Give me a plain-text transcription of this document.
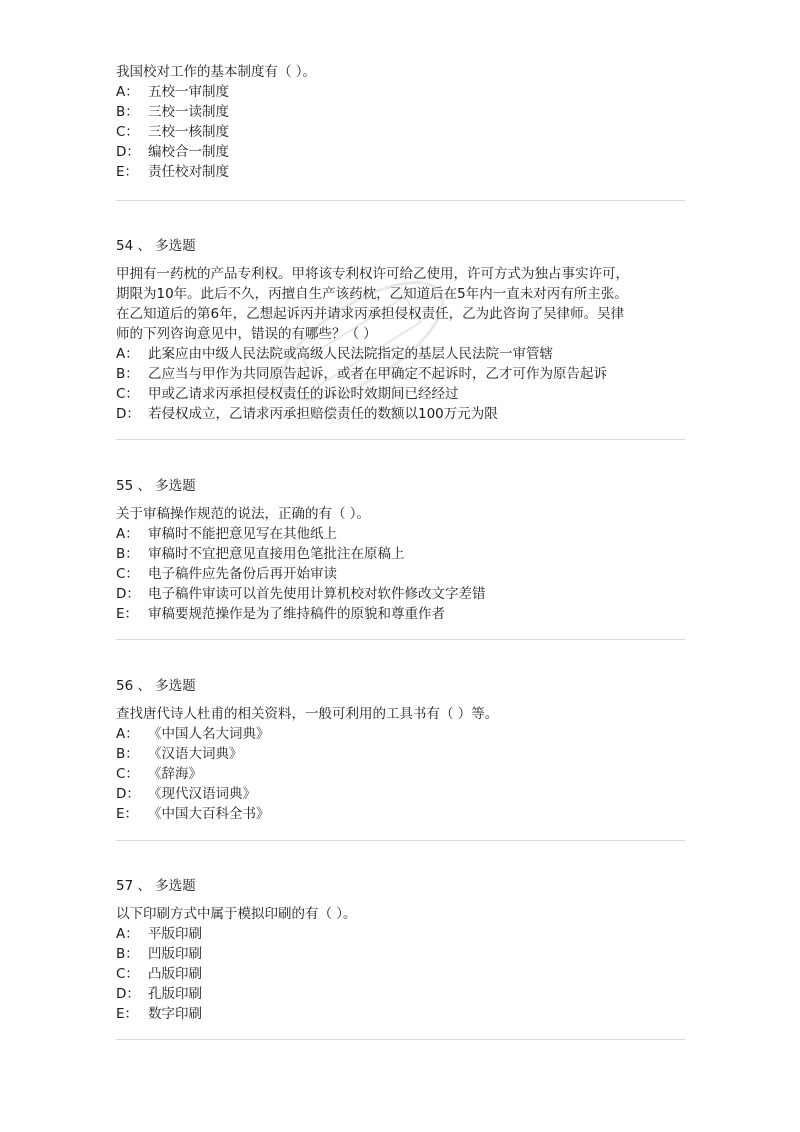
我国校对工作的基本制度有（ ）。
A： 五校一审制度
B： 三校一读制度
C： 三校一核制度
D： 编校合一制度
E： 责任校对制度
54 、 多选题
甲拥有一药枕的产品专利权。甲将该专利权许可给乙使用，许可方式为独占事实许可，
期限为10年。此后不久，丙擅自生产该药枕，乙知道后在5年内一直未对丙有所主张。
在乙知道后的第6年，乙想起诉丙并请求丙承担侵权责任，乙为此咨询了吴律师。吴律
师的下列咨询意见中，错误的有哪些？（ ）
A： 此案应由中级人民法院或高级人民法院指定的基层人民法院一审管辖
B： 乙应当与甲作为共同原告起诉，或者在甲确定不起诉时，乙才可作为原告起诉
C： 甲或乙请求丙承担侵权责任的诉讼时效期间已经经过
D： 若侵权成立，乙请求丙承担赔偿责任的数额以100万元为限
55 、 多选题
关于审稿操作规范的说法，正确的有（ ）。
A： 审稿时不能把意见写在其他纸上
B： 审稿时不宜把意见直接用色笔批注在原稿上
C： 电子稿件应先备份后再开始审读
D： 电子稿件审读可以首先使用计算机校对软件修改文字差错
E： 审稿要规范操作是为了维持稿件的原貌和尊重作者
56 、 多选题
查找唐代诗人杜甫的相关资料，一般可利用的工具书有（ ）等。
A： 《中国人名大词典》
B： 《汉语大词典》
C： 《辞海》
D： 《现代汉语词典》
E： 《中国大百科全书》
57 、 多选题
以下印刷方式中属于模拟印刷的有（ ）。
A： 平版印刷
B： 凹版印刷
C： 凸版印刷
D： 孔版印刷
E： 数字印刷
